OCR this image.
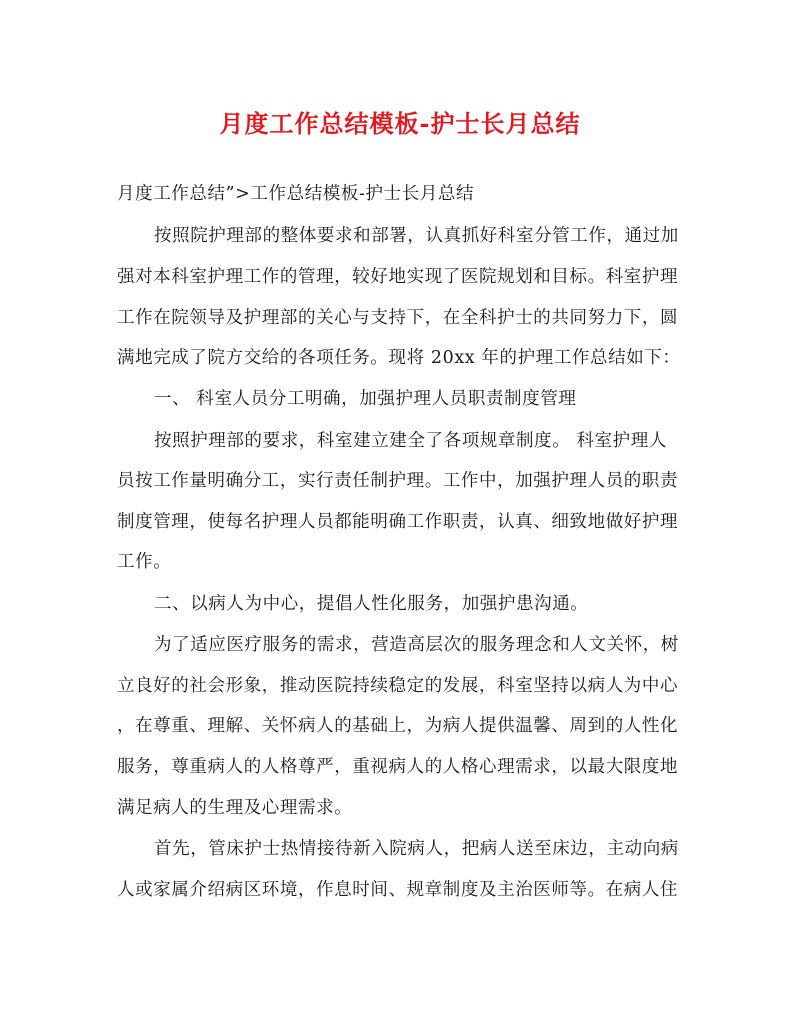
月度工作总结模板-护士长月总结
月度工作总结”>工作总结模板-护士长月总结
按照院护理部的整体要求和部署，认真抓好科室分管工作，通过加
强对本科室护理工作的管理，较好地实现了医院规划和目标。科室护理
工作在院领导及护理部的关心与支持下，在全科护士的共同努力下，圆
满地完成了院方交给的各项任务。现将 20xx 年的护理工作总结如下：
一、 科室人员分工明确，加强护理人员职责制度管理
按照护理部的要求，科室建立建全了各项规章制度。 科室护理人
员按工作量明确分工，实行责任制护理。工作中，加强护理人员的职责
制度管理，使每名护理人员都能明确工作职责，认真、细致地做好护理
工作。
二、以病人为中心，提倡人性化服务，加强护患沟通。
为了适应医疗服务的需求，营造高层次的服务理念和人文关怀，树
立良好的社会形象，推动医院持续稳定的发展，科室坚持以病人为中心
，在尊重、理解、关怀病人的基础上，为病人提供温馨、周到的人性化
服务，尊重病人的人格尊严，重视病人的人格心理需求，以最大限度地
满足病人的生理及心理需求。
首先，管床护士热情接待新入院病人，把病人送至床边，主动向病
人或家属介绍病区环境，作息时间、规章制度及主治医师等。在病人住
